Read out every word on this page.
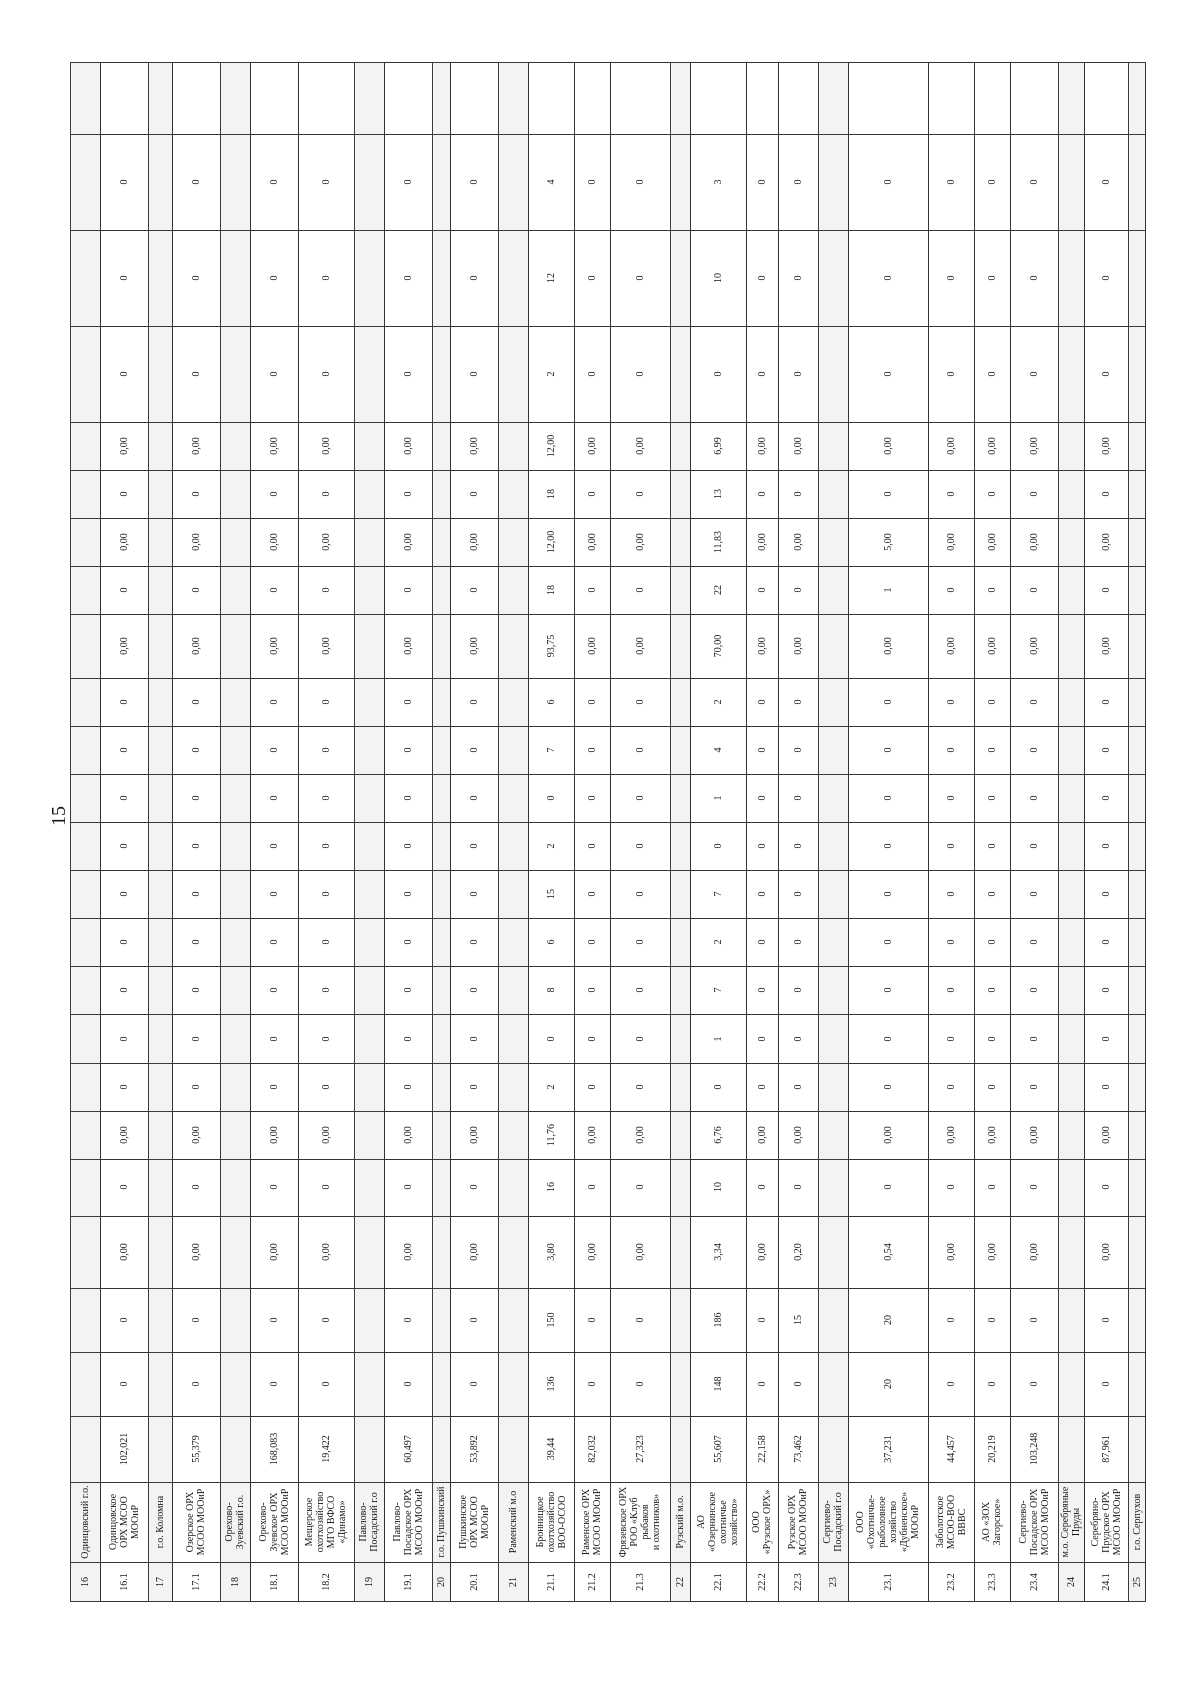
15
16
Одинцовский г.о.
16.1
Одинцовское
ОРХ МСОО
МООиР
102,021
0
0
0,00
0
0,00
0
0
0
0
0
0
0
0
0
0,00
0
0,00
0
0,00
0
0
0
17
г.о. Коломна
17.1
Озерское ОРХ
МСОО МООиР
55,379
0
0
0,00
0
0,00
0
0
0
0
0
0
0
0
0
0,00
0
0,00
0
0,00
0
0
0
18
Орехово-
Зуевский г.о.
18.1
Орехово-
Зуевское ОРХ
МСОО МООиР
168,083
0
0
0,00
0
0,00
0
0
0
0
0
0
0
0
0
0,00
0
0,00
0
0,00
0
0
0
18.2
Мещерское
охотхозяйство
МГО ВФСО
«Динамо»
19,422
0
0
0,00
0
0,00
0
0
0
0
0
0
0
0
0
0,00
0
0,00
0
0,00
0
0
0
19
Павлово-
Посадский г.о
19.1
Павлово-
Посадское ОРХ
МСОО МООиР
60,497
0
0
0,00
0
0,00
0
0
0
0
0
0
0
0
0
0,00
0
0,00
0
0,00
0
0
0
20
г.о. Пушкинский
20.1
Пушкинское
ОРХ МСОО
МООиР
53,892
0
0
0,00
0
0,00
0
0
0
0
0
0
0
0
0
0,00
0
0,00
0
0,00
0
0
0
21
Раменский м.о
21.1
Бронницкое
охотхозяйство
ВОО-ОСОО
39,44
136
150
3,80
16
11,76
2
0
8
6
15
2
0
7
6
93,75
18
12,00
18
12,00
2
12
4
21.2
Раменское ОРХ
МСОО МООиР
82,032
0
0
0,00
0
0,00
0
0
0
0
0
0
0
0
0
0,00
0
0,00
0
0,00
0
0
0
21.3
Фрязевское ОРХ
РОО «Клуб
рыбаков
и охотников»
27,323
0
0
0,00
0
0,00
0
0
0
0
0
0
0
0
0
0,00
0
0,00
0
0,00
0
0
0
22
Рузский м.о.
22.1
АО
«Озернинское
охотничье
хозяйство»
55,607
148
186
3,34
10
6,76
0
1
7
2
7
0
1
4
2
70,00
22
11,83
13
6,99
0
10
3
22.2
ООО
«Рузское ОРХ»
22,158
0
0
0,00
0
0,00
0
0
0
0
0
0
0
0
0
0,00
0
0,00
0
0,00
0
0
0
22.3
Рузское ОРХ
МСОО МООиР
73,462
0
15
0,20
0
0,00
0
0
0
0
0
0
0
0
0
0,00
0
0,00
0
0,00
0
0
0
23
Сергиево-
Посадский г.о
23.1
ООО
«Охотничье-
рыболовное
хозяйство
«Дубненское»
МООиР
37,231
20
20
0,54
0
0,00
0
0
0
0
0
0
0
0
0
0,00
1
5,00
0
0,00
0
0
0
23.2
Заболотское
МСОО-ВОО
ВВВС
44,457
0
0
0,00
0
0,00
0
0
0
0
0
0
0
0
0
0,00
0
0,00
0
0,00
0
0
0
23.3
АО «ЗОХ
Загорское»
20,219
0
0
0,00
0
0,00
0
0
0
0
0
0
0
0
0
0,00
0
0,00
0
0,00
0
0
0
23.4
Сергиево-
Посадское ОРХ
МСОО МООиР
103,248
0
0
0,00
0
0,00
0
0
0
0
0
0
0
0
0
0,00
0
0,00
0
0,00
0
0
0
24
м.о. Серебряные
Пруды
24.1
Серебряно-
Прудское ОРХ
МСОО МООиР
87,961
0
0
0,00
0
0,00
0
0
0
0
0
0
0
0
0
0,00
0
0,00
0
0,00
0
0
0
25
г.о. Серпухов
